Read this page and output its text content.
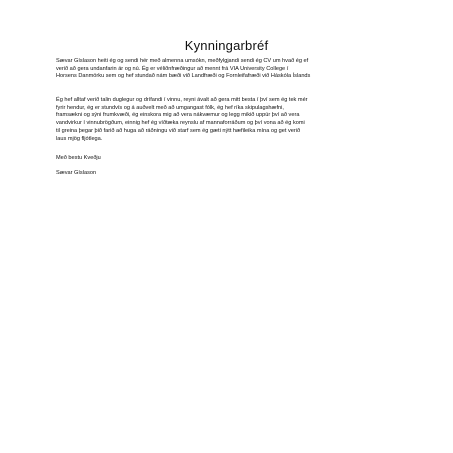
Kynningarbréf
Sævar Gíslason heiti ég og sendi hér með almenna umsókn, meðfylgjandi sendi ég CV um hvað ég ef
verið að gera undanfarin ár og nú. Ég er véliðnfræðingur að mennt frá VIA University College í
Horsens Danmörku sem og hef stundað nám bæði við Landfræði og Fornleifafræði við Háskóla Íslands
Ég hef alltaf verið talin duglegur og drífandi í vinnu, reyni ávalt að gera mitt besta í því sem ég tek mér
fyrir hendur, ég er stundvís og á auðvelt með að umgangast fólk, ég hef ríka skipulagshæfni,
framsækni og sýni frumkvæði, ég einskora mig að vera nákvæmur og legg mikið uppúr því að vera
vandvirkur í vinnubrögðum, einnig hef ég víðtæka reynslu af mannaforráðum og því vona að ég komi
til greina þegar þið farið að huga að ráðningu við starf sem ég gæti nýtt hæfileika mína og get verið
laus mjög fljótlega.
Með bestu Kveðju
Sævar Gíslason
